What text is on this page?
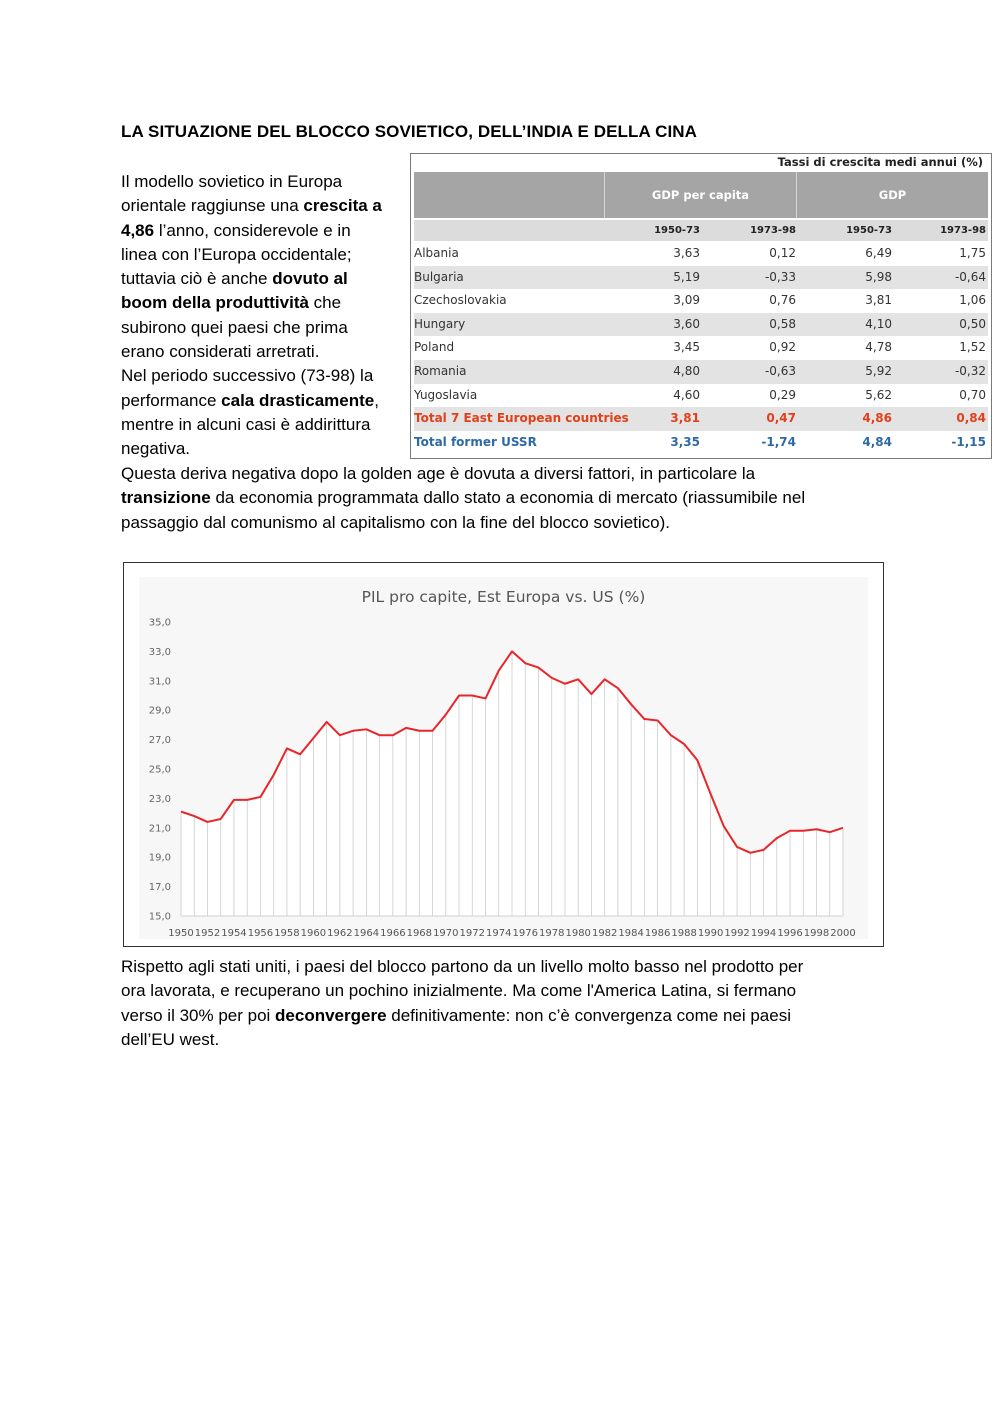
LA SITUAZIONE DEL BLOCCO SOVIETICO, DELL’INDIA E DELLA CINA
Il modello sovietico in Europa
orientale raggiunse una crescita a
4,86 l’anno, considerevole e in
linea con l’Europa occidentale;
tuttavia ciò è anche dovuto al
boom della produttività che
subirono quei paesi che prima
erano considerati arretrati.
Nel periodo successivo (73-98) la
performance cala drasticamente,
mentre in alcuni casi è addirittura
negativa.
Tassi di crescita medi annui (%)
GDP per capita	GDP
1950-73	1973-98	1950-73	1973-98
Albania	3,63	0,12	6,49	1,75
Bulgaria	5,19	-0,33	5,98	-0,64
Czechoslovakia	3,09	0,76	3,81	1,06
Hungary	3,60	0,58	4,10	0,50
Poland	3,45	0,92	4,78	1,52
Romania	4,80	-0,63	5,92	-0,32
Yugoslavia	4,60	0,29	5,62	0,70
Total 7 East European countries	3,81	0,47	4,86	0,84
Total former USSR	3,35	-1,74	4,84	-1,15
Questa deriva negativa dopo la golden age è dovuta a diversi fattori, in particolare la
transizione da economia programmata dallo stato a economia di mercato (riassumibile nel
passaggio dal comunismo al capitalismo con la fine del blocco sovietico).
15,0
17,0
19,0
21,0
23,0
25,0
27,0
29,0
31,0
33,0
35,0
1950 1952 1954 1956 1958 1960 1962 1964 1966 1968 1970 1972 1974 1976 1978 1980 1982 1984 1986 1988 1990 1992 1994 1996 1998 2000
PIL pro capite, Est Europa vs. US (%)
Rispetto agli stati uniti, i paesi del blocco partono da un livello molto basso nel prodotto per
ora lavorata, e recuperano un pochino inizialmente. Ma come l'America Latina, si fermano
verso il 30% per poi deconvergere definitivamente: non c’è convergenza come nei paesi
dell’EU west.
